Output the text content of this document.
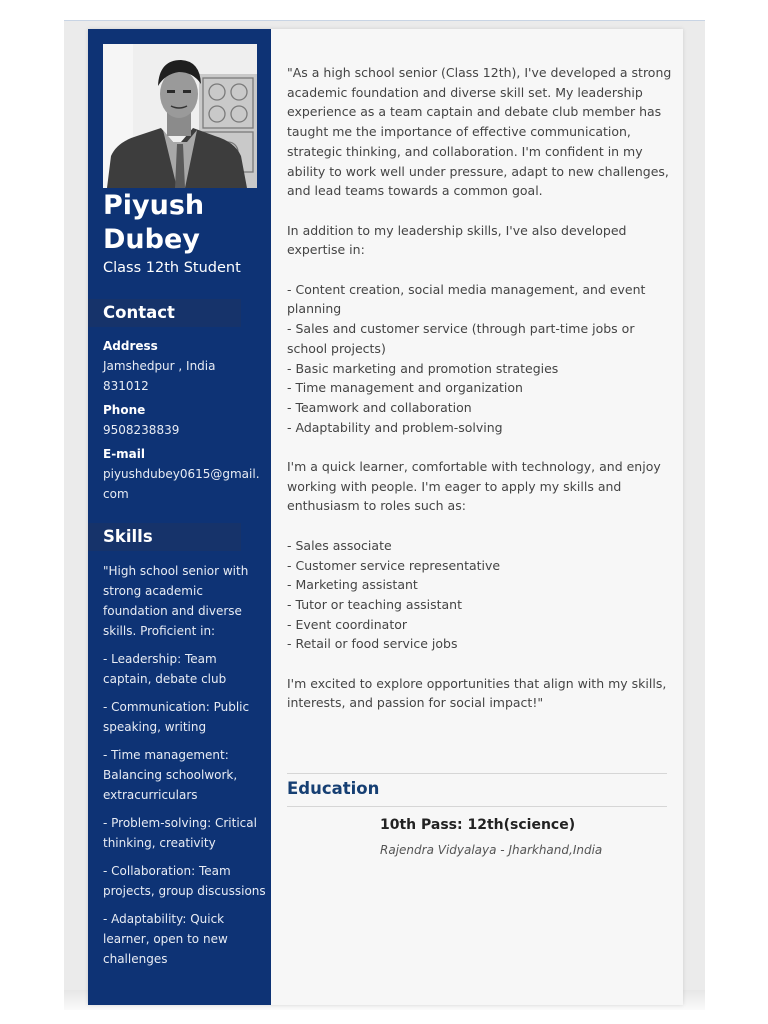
Piyush
Dubey
Class 12th Student
Contact
Address
Jamshedpur , India
831012
Phone
9508238839
E-mail
piyushdubey0615@gmail.com
Skills

"High school senior with strong academic foundation and diverse skills. Proficient in:

- Leadership: Team captain, debate club

- Communication: Public speaking, writing

- Time management: Balancing schoolwork, extracurriculars

- Problem-solving: Critical thinking, creativity

- Collaboration: Team projects, group discussions

- Adaptability: Quick learner, open to new challenges

"As a high school senior (Class 12th), I've developed a strong academic foundation and diverse skill set. My leadership experience as a team captain and debate club member has taught me the importance of effective communication, strategic thinking, and collaboration. I'm confident in my ability to work well under pressure, adapt to new challenges, and lead teams towards a common goal.

In addition to my leadership skills, I've also developed expertise in:

- Content creation, social media management, and event planning
- Sales and customer service (through part-time jobs or school projects)
- Basic marketing and promotion strategies
- Time management and organization
- Teamwork and collaboration
- Adaptability and problem-solving

I'm a quick learner, comfortable with technology, and enjoy working with people. I'm eager to apply my skills and enthusiasm to roles such as:

- Sales associate
- Customer service representative
- Marketing assistant
- Tutor or teaching assistant
- Event coordinator
- Retail or food service jobs

I'm excited to explore opportunities that align with my skills, interests, and passion for social impact!"

Education
10th Pass: 12th(science)
Rajendra Vidyalaya - Jharkhand,India
